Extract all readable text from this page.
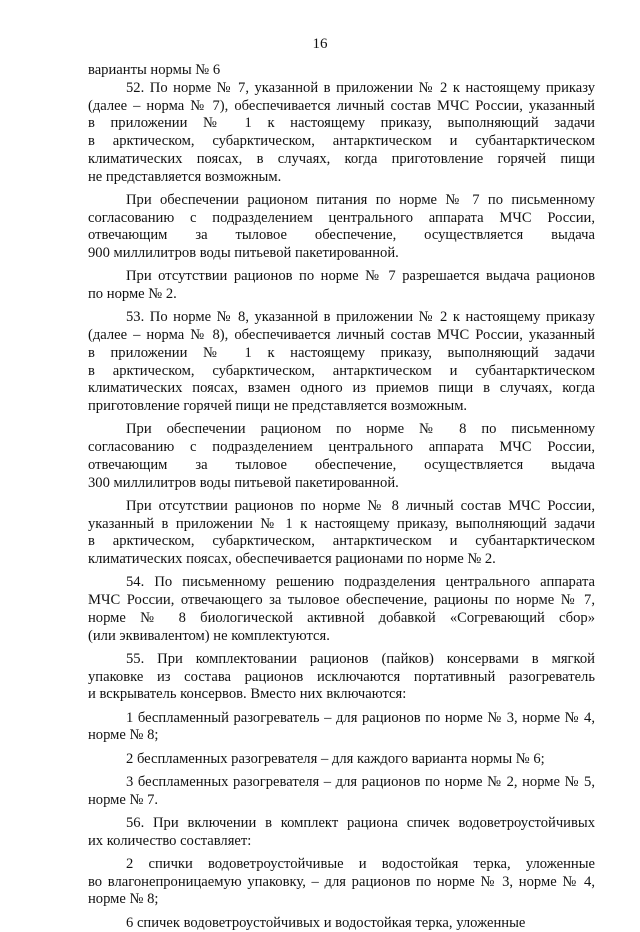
16
варианты нормы № 6
52. По норме № 7, указанной в приложении № 2 к настоящему приказу
(далее – норма № 7), обеспечивается личный состав МЧС России, указанный
в приложении № 1 к настоящему приказу, выполняющий задачи
в арктическом, субарктическом, антарктическом и субантарктическом
климатических поясах, в случаях, когда приготовление горячей пищи
не представляется возможным.
При обеспечении рационом питания по норме № 7 по письменному
согласованию с подразделением центрального аппарата МЧС России,
отвечающим за тыловое обеспечение, осуществляется выдача
900 миллилитров воды питьевой пакетированной.
При отсутствии рационов по норме № 7 разрешается выдача рационов
по норме № 2.
53. По норме № 8, указанной в приложении № 2 к настоящему приказу
(далее – норма № 8), обеспечивается личный состав МЧС России, указанный
в приложении № 1 к настоящему приказу, выполняющий задачи
в арктическом, субарктическом, антарктическом и субантарктическом
климатических поясах, взамен одного из приемов пищи в случаях, когда
приготовление горячей пищи не представляется возможным.
При обеспечении рационом по норме № 8 по письменному
согласованию с подразделением центрального аппарата МЧС России,
отвечающим за тыловое обеспечение, осуществляется выдача
300 миллилитров воды питьевой пакетированной.
При отсутствии рационов по норме № 8 личный состав МЧС России,
указанный в приложении № 1 к настоящему приказу, выполняющий задачи
в арктическом, субарктическом, антарктическом и субантарктическом
климатических поясах, обеспечивается рационами по норме № 2.
54. По письменному решению подразделения центрального аппарата
МЧС России, отвечающего за тыловое обеспечение, рационы по норме № 7,
норме № 8 биологической активной добавкой «Согревающий сбор»
(или эквивалентом) не комплектуются.
55. При комплектовании рационов (пайков) консервами в мягкой
упаковке из состава рационов исключаются портативный разогреватель
и вскрыватель консервов. Вместо них включаются:
1 беспламенный разогреватель – для рационов по норме № 3, норме № 4,
норме № 8;
2 беспламенных разогревателя – для каждого варианта нормы № 6;
3 беспламенных разогревателя – для рационов по норме № 2, норме № 5,
норме № 7.
56. При включении в комплект рациона спичек водоветроустойчивых
их количество составляет:
2 спички водоветроустойчивые и водостойкая терка, уложенные
во влагонепроницаемую упаковку, – для рационов по норме № 3, норме № 4,
норме № 8;
6 спичек водоветроустойчивых и водостойкая терка, уложенные
